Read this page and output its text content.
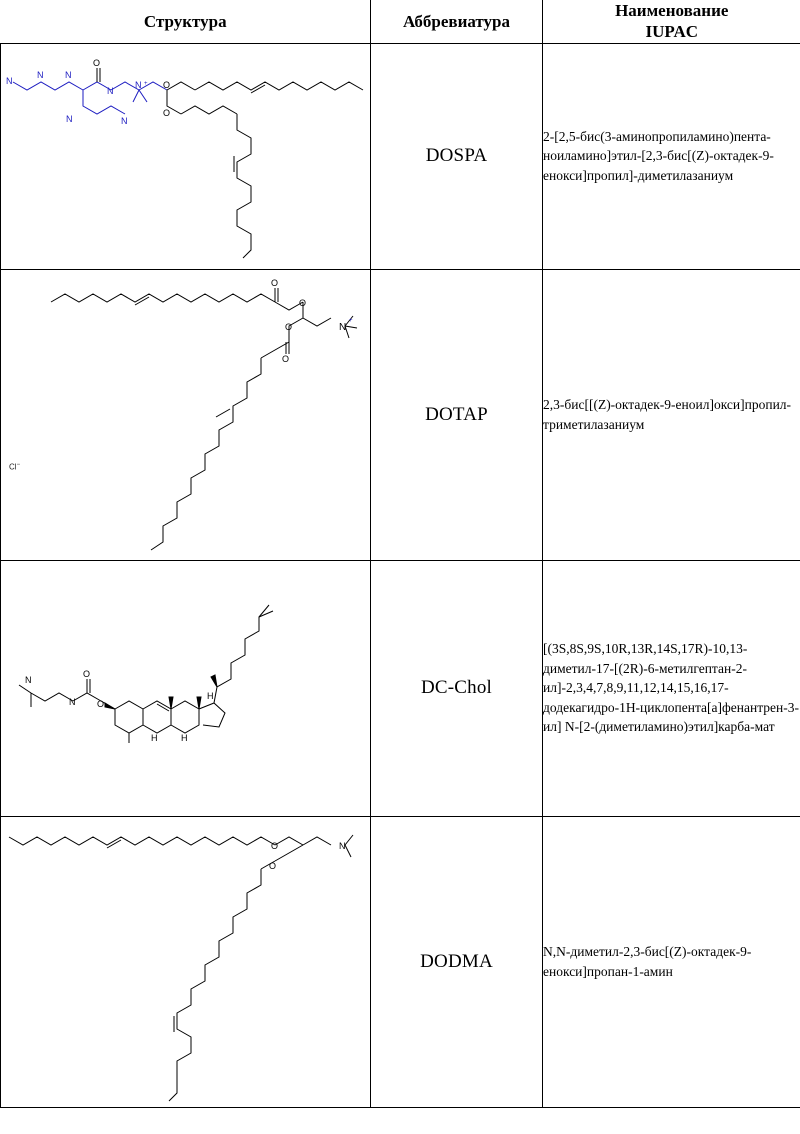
Структура	Аббревиатура	Наименование
IUPAC

N
N N
O
N
N	N
N + O
O
	DOSPA	2-[2,5-бис(3-аминопропиламино)пента-ноиламино]этил-[2,3-бис[(Z)-октадек-9-енокси]пропил]-диметилазаниум

O
O
O
O
N
+
Cl−
	DOTAP	2,3-бис[[(Z)-октадек-9-еноил]окси]пропил-триметилазаниум

H	H
H
N
N
O
O
	DC-Chol	[(3S,8S,9S,10R,13R,14S,17R)-10,13-диметил-17-[(2R)-6-метилгептан-2-ил]-2,3,4,7,8,9,11,12,14,15,16,17-додекагидро-1Н-циклопента[a]фенантрен-3-ил] N-[2-(диметиламино)этил]карба-мат

O
O
N	DODMA	N,N-диметил-2,3-бис[(Z)-октадек-9-енокси]пропан-1-амин
